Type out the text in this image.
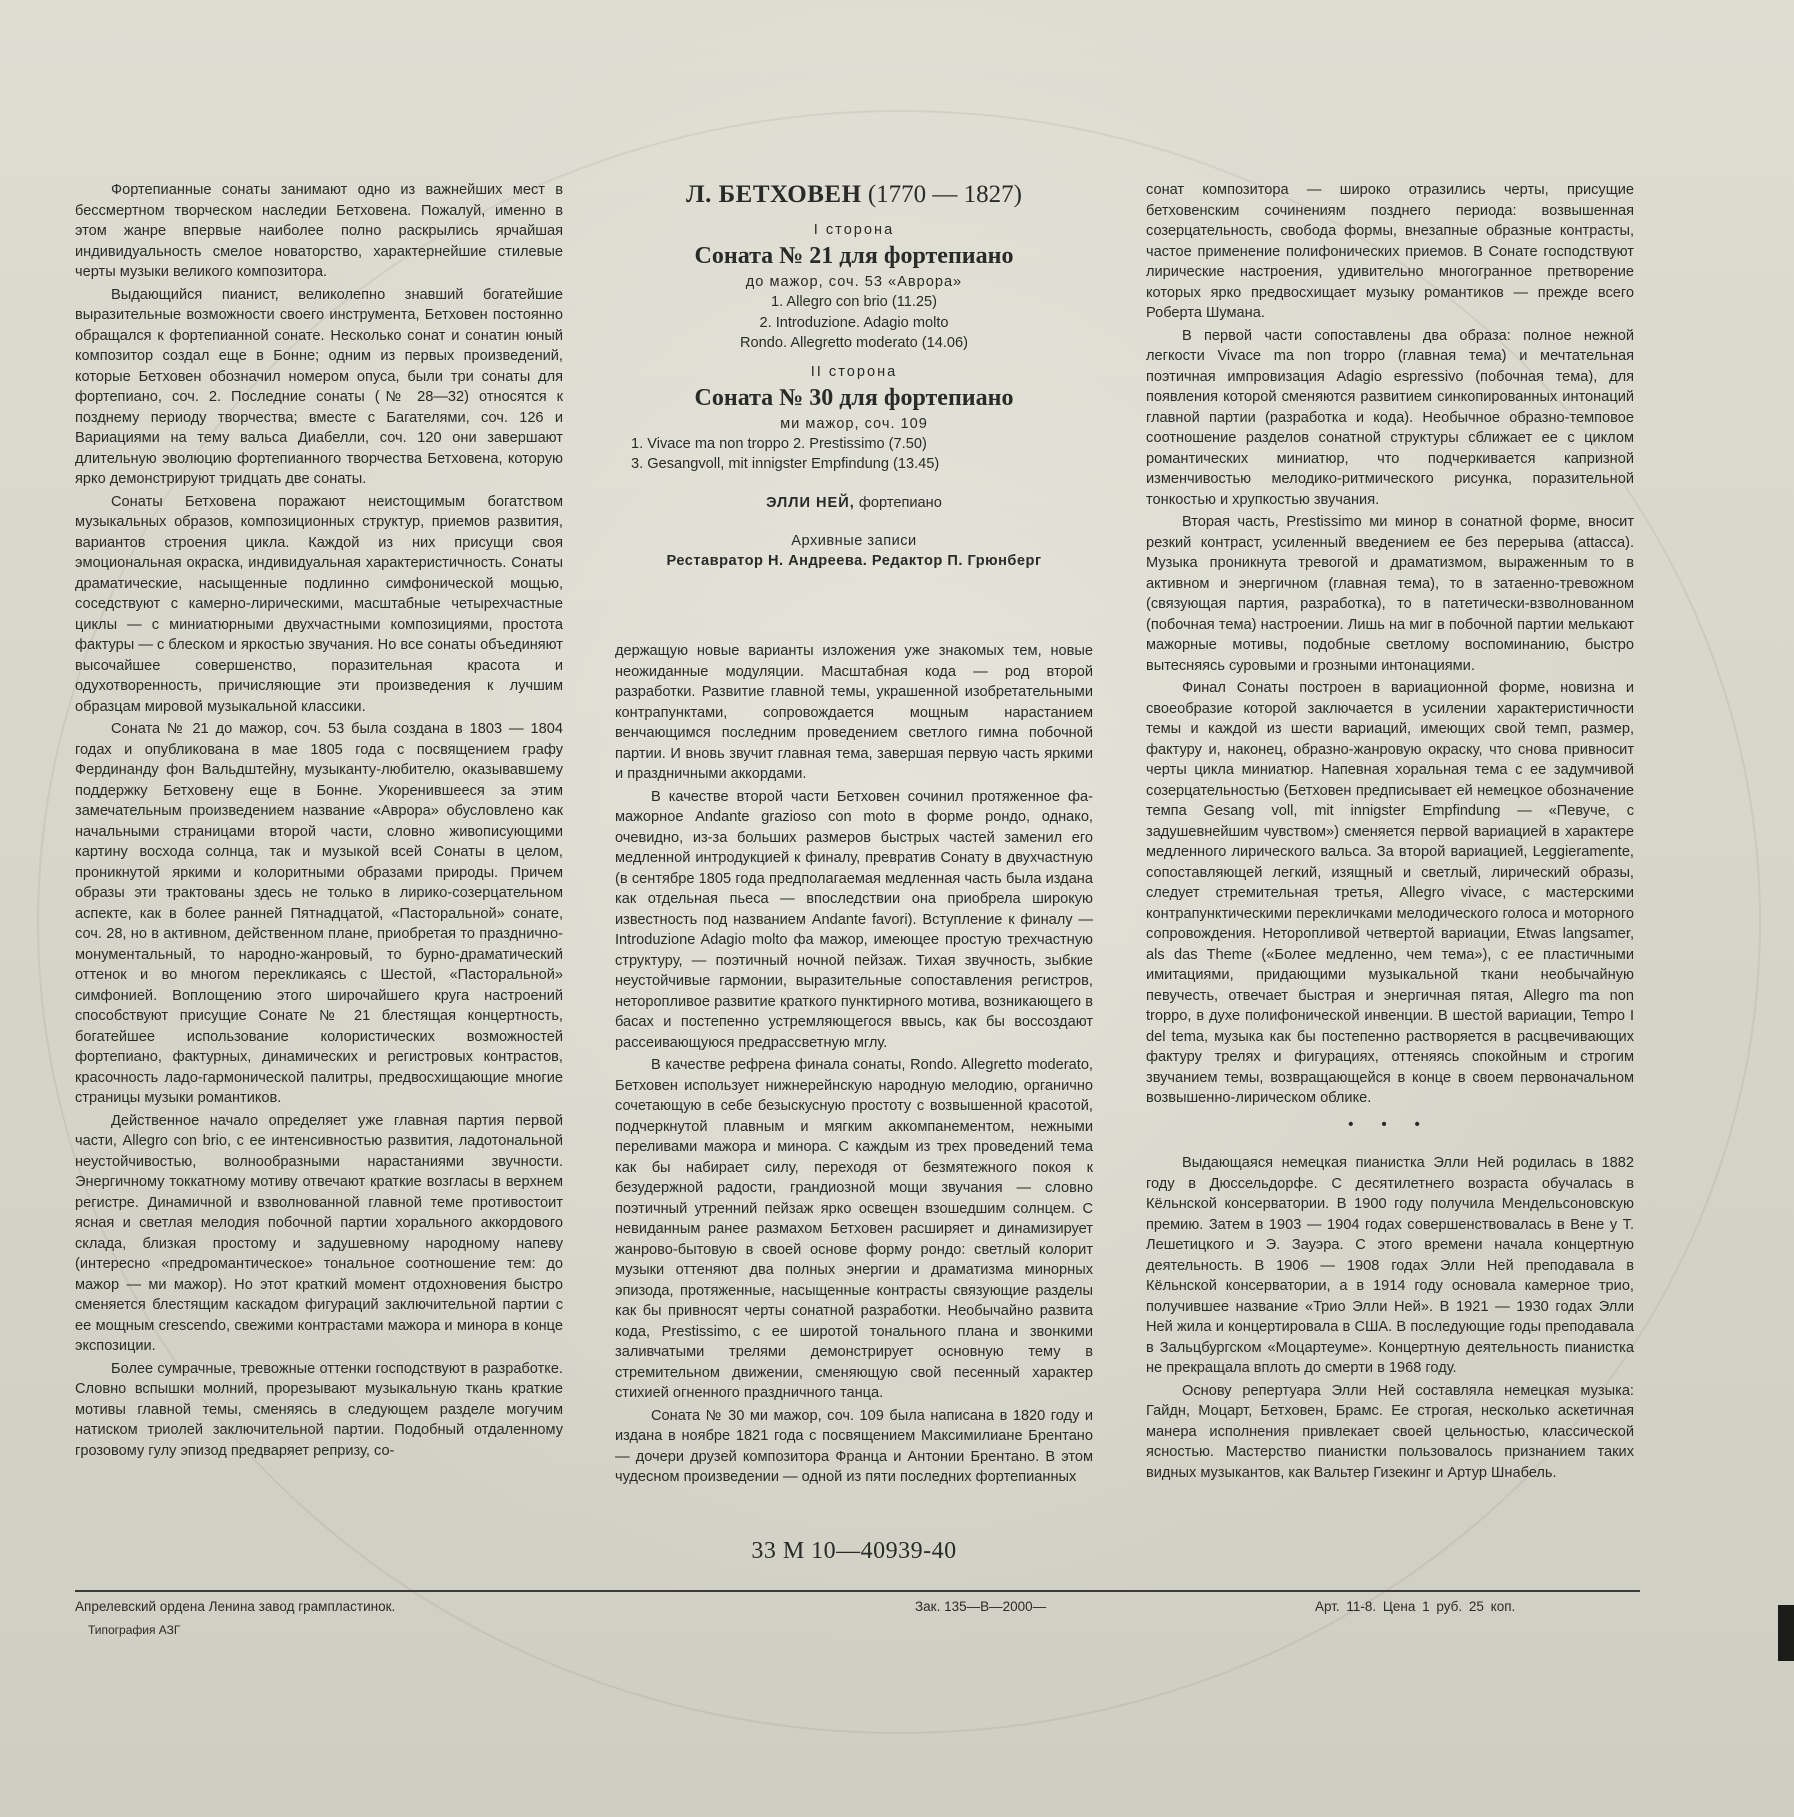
Фортепианные сонаты занимают одно из важнейших мест в бессмертном творческом наследии Бетховена. Пожалуй, именно в этом жанре впервые наиболее полно раскрылись ярчайшая индивидуальность смелое новаторство, характернейшие стилевые черты музыки великого композитора.

Выдающийся пианист, великолепно знавший богатейшие выразительные возможности своего инструмента, Бетховен постоянно обращался к фортепианной сонате. Несколько сонат и сонатин юный композитор создал еще в Бонне; одним из первых произведений, которые Бетховен обозначил номером опуса, были три сонаты для фортепиано, соч. 2. Последние сонаты (№ 28—32) относятся к позднему периоду творчества; вместе с Багателями, соч. 126 и Вариациями на тему вальса Диабелли, соч. 120 они завершают длительную эволюцию фортепианного творчества Бетховена, которую ярко демонстрируют тридцать две сонаты.

Сонаты Бетховена поражают неистощимым богатством музыкальных образов, композиционных структур, приемов развития, вариантов строения цикла. Каждой из них присущи своя эмоциональная окраска, индивидуальная характеристичность. Сонаты драматические, насыщенные подлинно симфонической мощью, соседствуют с камерно-лирическими, масштабные четырехчастные циклы — с миниатюрными двухчастными композициями, простота фактуры — с блеском и яркостью звучания. Но все сонаты объединяют высочайшее совершенство, поразительная красота и одухотворенность, причисляющие эти произведения к лучшим образцам мировой музыкальной классики.

Соната № 21 до мажор, соч. 53 была создана в 1803 — 1804 годах и опубликована в мае 1805 года с посвящением графу Фердинанду фон Вальдштейну, музыканту-любителю, оказывавшему поддержку Бетховену еще в Бонне. Укоренившееся за этим замечательным произведением название «Аврора» обусловлено как начальными страницами второй части, словно живописующими картину восхода солнца, так и музыкой всей Сонаты в целом, проникнутой яркими и колоритными образами природы. Причем образы эти трактованы здесь не только в лирико-созерцательном аспекте, как в более ранней Пятнадцатой, «Пасторальной» сонате, соч. 28, но в активном, действенном плане, приобретая то празднично-монументальный, то народно-жанровый, то бурно-драматический оттенок и во многом перекликаясь с Шестой, «Пасторальной» симфонией. Воплощению этого широчайшего круга настроений способствуют присущие Сонате № 21 блестящая концертность, богатейшее использование колористических возможностей фортепиано, фактурных, динамических и регистровых контрастов, красочность ладо-гармонической палитры, предвосхищающие многие страницы музыки романтиков.

Действенное начало определяет уже главная партия первой части, Allegro con brio, с ее интенсивностью развития, ладотональной неустойчивостью, волнообразными нарастаниями звучности. Энергичному токкатному мотиву отвечают краткие возгласы в верхнем регистре. Динамичной и взволнованной главной теме противостоит ясная и светлая мелодия побочной партии хорального аккордового склада, близкая простому и задушевному народному напеву (интересно «предромантическое» тональное соотношение тем: до мажор — ми мажор). Но этот краткий момент отдохновения быстро сменяется блестящим каскадом фигураций заключительной партии с ее мощным crescendo, свежими контрастами мажора и минора в конце экспозиции.

Более сумрачные, тревожные оттенки господствуют в разработке. Словно вспышки молний, прорезывают музыкальную ткань краткие мотивы главной темы, сменяясь в следующем разделе могучим натиском триолей заключительной партии. Подобный отдаленному грозовому гулу эпизод предваряет репризу, со-

Л. БЕТХОВЕН (1770 — 1827)
I сторона
Соната № 21 для фортепиано
до мажор, соч. 53 «Аврора»
1. Allegro con brio (11.25)
2. Introduzione. Adagio molto
Rondo. Allegretto moderato (14.06)
II сторона
Соната № 30 для фортепиано
ми мажор, соч. 109
1. Vivace ma non troppo 2. Prestissimo (7.50)
3. Gesangvoll, mit innigster Empfindung (13.45)
ЭЛЛИ НЕЙ, фортепиано
Архивные записи
Реставратор Н. Андреева. Редактор П. Грюнберг

держащую новые варианты изложения уже знакомых тем, новые неожиданные модуляции. Масштабная кода — род второй разработки. Развитие главной темы, украшенной изобретательными контрапунктами, сопровождается мощным нарастанием венчающимся последним проведением светлого гимна побочной партии. И вновь звучит главная тема, завершая первую часть яркими и праздничными аккордами.

В качестве второй части Бетховен сочинил протяженное фа-мажорное Andante grazioso con moto в форме рондо, однако, очевидно, из-за больших размеров быстрых частей заменил его медленной интродукцией к финалу, превратив Сонату в двухчастную (в сентябре 1805 года предполагаемая медленная часть была издана как отдельная пьеса — впоследствии она приобрела широкую известность под названием Andante favori). Вступление к финалу — Introduzione Adagio molto фа мажор, имеющее простую трехчастную структуру, — поэтичный ночной пейзаж. Тихая звучность, зыбкие неустойчивые гармонии, выразительные сопоставления регистров, неторопливое развитие краткого пунктирного мотива, возникающего в басах и постепенно устремляющегося ввысь, как бы воссоздают рассеивающуюся предрассветную мглу.

В качестве рефрена финала сонаты, Rondo. Allegretto moderato, Бетховен использует нижнерейнскую народную мелодию, органично сочетающую в себе безыскусную простоту с возвышенной красотой, подчеркнутой плавным и мягким аккомпанементом, нежными переливами мажора и минора. С каждым из трех проведений тема как бы набирает силу, переходя от безмятежного покоя к безудержной радости, грандиозной мощи звучания — словно поэтичный утренний пейзаж ярко освещен взошедшим солнцем. С невиданным ранее размахом Бетховен расширяет и динамизирует жанрово-бытовую в своей основе форму рондо: светлый колорит музыки оттеняют два полных энергии и драматизма минорных эпизода, протяженные, насыщенные контрасты связующие разделы как бы привносят черты сонатной разработки. Необычайно развита кода, Prestissimo, с ее широтой тонального плана и звонкими заливчатыми трелями демонстрирует основную тему в стремительном движении, сменяющую свой песенный характер стихией огненного праздничного танца.

Соната № 30 ми мажор, соч. 109 была написана в 1820 году и издана в ноябре 1821 года с посвящением Максимилиане Брентано — дочери друзей композитора Франца и Антонии Брентано. В этом чудесном произведении — одной из пяти последних фортепианных

сонат композитора — широко отразились черты, присущие бетховенским сочинениям позднего периода: возвышенная созерцательность, свобода формы, внезапные образные контрасты, частое применение полифонических приемов. В Сонате господствуют лирические настроения, удивительно многогранное претворение которых ярко предвосхищает музыку романтиков — прежде всего Роберта Шумана.

В первой части сопоставлены два образа: полное нежной легкости Vivace ma non troppo (главная тема) и мечтательная поэтичная импровизация Adagio espressivo (побочная тема), для появления которой сменяются развитием синкопированных интонаций главной партии (разработка и кода). Необычное образно-темповое соотношение разделов сонатной структуры сближает ее с циклом романтических миниатюр, что подчеркивается капризной изменчивостью мелодико-ритмического рисунка, поразительной тонкостью и хрупкостью звучания.

Вторая часть, Prestissimo ми минор в сонатной форме, вносит резкий контраст, усиленный введением ее без перерыва (attacca). Музыка проникнута тревогой и драматизмом, выраженным то в активном и энергичном (главная тема), то в затаенно-тревожном (связующая партия, разработка), то в патетически-взволнованном (побочная тема) настроении. Лишь на миг в побочной партии мелькают мажорные мотивы, подобные светлому воспоминанию, быстро вытесняясь суровыми и грозными интонациями.

Финал Сонаты построен в вариационной форме, новизна и своеобразие которой заключается в усилении характеристичности темы и каждой из шести вариаций, имеющих свой темп, размер, фактуру и, наконец, образно-жанровую окраску, что снова привносит черты цикла миниатюр. Напевная хоральная тема с ее задумчивой созерцательностью (Бетховен предписывает ей немецкое обозначение темпа Gesang voll, mit innigster Empfindung — «Певуче, с задушевнейшим чувством») сменяется первой вариацией в характере медленного лирического вальса. За второй вариацией, Leggieramente, сопоставляющей легкий, изящный и светлый, лирический образы, следует стремительная третья, Allegro vivace, с мастерскими контрапунктическими перекличками мелодического голоса и моторного сопровождения. Неторопливой четвертой вариации, Etwas langsamer, als das Theme («Более медленно, чем тема»), с ее пластичными имитациями, придающими музыкальной ткани необычайную певучесть, отвечает быстрая и энергичная пятая, Allegro ma non troppo, в духе полифонической инвенции. В шестой вариации, Tempo I del tema, музыка как бы постепенно растворяется в расцвечивающих фактуру трелях и фигурациях, оттеняясь спокойным и строгим звучанием темы, возвращающейся в конце в своем первоначальном возвышенно-лирическом облике.

• • •

Выдающаяся немецкая пианистка Элли Ней родилась в 1882 году в Дюссельдорфе. С десятилетнего возраста обучалась в Кёльнской консерватории. В 1900 году получила Мендельсоновскую премию. Затем в 1903 — 1904 годах совершенствовалась в Вене у Т. Лешетицкого и Э. Зауэра. С этого времени начала концертную деятельность. В 1906 — 1908 годах Элли Ней преподавала в Кёльнской консерватории, а в 1914 году основала камерное трио, получившее название «Трио Элли Ней». В 1921 — 1930 годах Элли Ней жила и концертировала в США. В последующие годы преподавала в Зальцбургском «Моцартеуме». Концертную деятельность пианистка не прекращала вплоть до смерти в 1968 году.

Основу репертуара Элли Ней составляла немецкая музыка: Гайдн, Моцарт, Бетховен, Брамс. Ее строгая, несколько аскетичная манера исполнения привлекает своей цельностью, классической ясностью. Мастерство пианистки пользовалось признанием таких видных музыкантов, как Вальтер Гизекинг и Артур Шнабель.

33 М 10—40939-40
Апрелевский ордена Ленина завод грампластинок.
Типография АЗГ
Зак. 135—В—2000—	Арт. 11-8. Цена 1 руб. 25 коп.
